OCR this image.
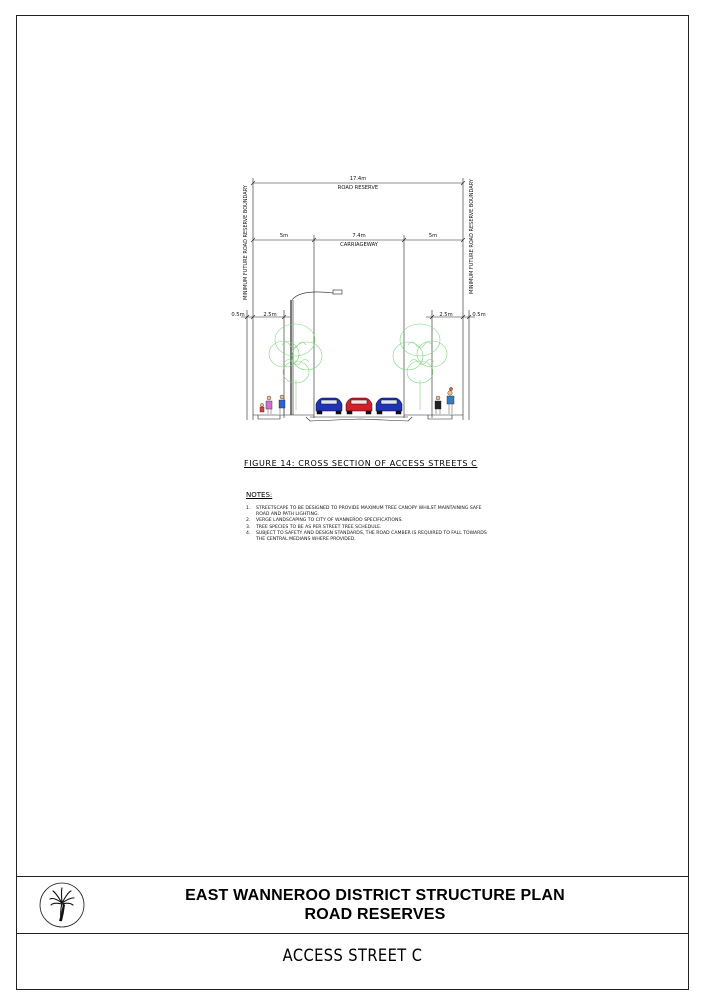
17.4m
ROAD RESERVE
5m	7.4m
CARRIAGEWAY
5m
0.5m	2.5m	2.5m	0.5m
MINIMUM FUTURE ROAD RESERVE BOUNDARY	MINIMUM FUTURE ROAD RESERVE BOUNDARY
FIGURE 14: CROSS SECTION OF ACCESS STREETS C
NOTES:
1. STREETSCAPE TO BE DESIGNED TO PROVIDE MAXIMUM TREE CANOPY WHILST MAINTAINING SAFE ROAD AND PATH LIGHTING.
2. VERGE LANDSCAPING TO CITY OF WANNEROO SPECIFICATIONS.
3. TREE SPECIES TO BE AS PER STREET TREE SCHEDULE.
4. SUBJECT TO SAFETY AND DESIGN STANDARDS, THE ROAD CAMBER IS REQUIRED TO FALL TOWARDS THE CENTRAL MEDIANS WHERE PROVIDED.
EAST WANNEROO DISTRICT STRUCTURE PLAN
ROAD RESERVES
ACCESS STREET C
